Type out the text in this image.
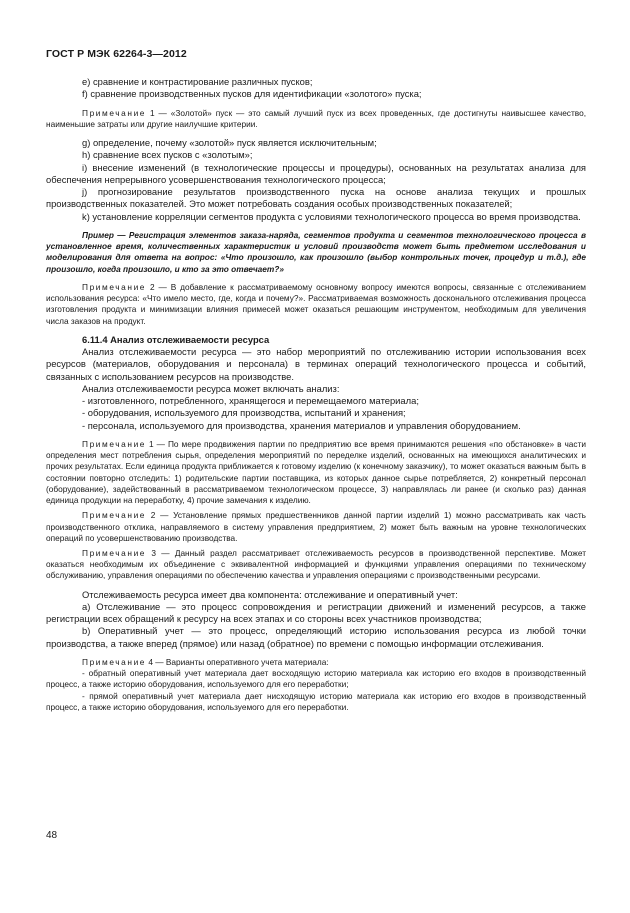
ГОСТ Р МЭК 62264-3—2012

e) сравнение и контрастирование различных пусков;

f) сравнение производственных пусков для идентификации «золотого» пуска;

Примечание 1 — «Золотой» пуск — это самый лучший пуск из всех проведенных, где достигнуты наивысшее качество, наименьшие затраты или другие наилучшие критерии.

g) определение, почему «золотой» пуск является исключительным;

h) сравнение всех пусков с «золотым»;

i) внесение изменений (в технологические процессы и процедуры), основанных на результатах анализа для обеспечения непрерывного усовершенствования технологического процесса;

j) прогнозирование результатов производственного пуска на основе анализа текущих и прошлых производственных показателей. Это может потребовать создания особых производственных показателей;

k) установление корреляции сегментов продукта с условиями технологического процесса во время производства.

Пример — Регистрация элементов заказа-наряда, сегментов продукта и сегментов технологического процесса в установленное время, количественных характеристик и условий производств может быть предметом исследования и моделирования для ответа на вопрос: «Что произошло, как произошло (выбор контрольных точек, процедур и т.д.), где произошло, когда произошло, и кто за это отвечает?»

Примечание 2 — В добавление к рассматриваемому основному вопросу имеются вопросы, связанные с отслеживанием использования ресурса: «Что имело место, где, когда и почему?». Рассматриваемая возможность досконального отслеживания процесса изготовления продукта и минимизации влияния примесей может оказаться решающим инструментом, необходимым для увеличения числа заказов на продукт.

6.11.4 Анализ отслеживаемости ресурса

Анализ отслеживаемости ресурса — это набор мероприятий по отслеживанию истории использования всех ресурсов (материалов, оборудования и персонала) в терминах операций технологического процесса и событий, связанных с использованием ресурсов на производстве.

Анализ отслеживаемости ресурса может включать анализ:

- изготовленного, потребленного, хранящегося и перемещаемого материала;

- оборудования, используемого для производства, испытаний и хранения;

- персонала, используемого для производства, хранения материалов и управления оборудованием.

Примечание 1 — По мере продвижения партии по предприятию все время принимаются решения «по обстановке» в части определения мест потребления сырья, определения мероприятий по переделке изделий, основанных на имеющихся аналитических и прочих результатах. Если единица продукта приближается к готовому изделию (к конечному заказчику), то может оказаться важным быть в состоянии повторно отследить: 1) родительские партии поставщика, из которых данное сырье потребляется, 2) конкретный персонал (оборудование), задействованный в рассматриваемом технологическом процессе, 3) направлялась ли ранее (и сколько раз) данная единица продукции на переработку, 4) прочие замечания к изделию.

Примечание 2 — Установление прямых предшественников данной партии изделий 1) можно рассматривать как часть производственного отклика, направляемого в систему управления предприятием, 2) может быть важным на уровне технологических операций по усовершенствованию производства.

Примечание 3 — Данный раздел рассматривает отслеживаемость ресурсов в производственной перспективе. Может оказаться необходимым их объединение с эквивалентной информацией и функциями управления операциями по техническому обслуживанию, управления операциями по обеспечению качества и управления операциями с производственными ресурсами.

Отслеживаемость ресурса имеет два компонента: отслеживание и оперативный учет:

a) Отслеживание — это процесс сопровождения и регистрации движений и изменений ресурсов, а также регистрации всех обращений к ресурсу на всех этапах и со стороны всех участников производства;

b) Оперативный учет — это процесс, определяющий историю использования ресурса из любой точки производства, а также вперед (прямое) или назад (обратное) по времени с помощью информации отслеживания.

Примечание 4 — Варианты оперативного учета материала:

- обратный оперативный учет материала дает восходящую историю материала как историю его входов в производственный процесс, а также историю оборудования, используемого для его переработки;

- прямой оперативный учет материала дает нисходящую историю материала как историю его входов в производственный процесс, а также историю оборудования, используемого для его переработки.

48
